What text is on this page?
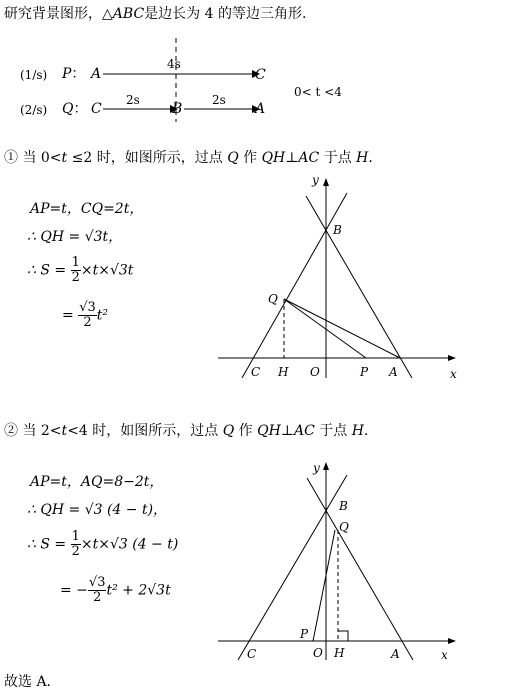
研究背景图形，△ABC是边长为 4 的等边三角形.
(1/s) P： A
4s
C
(2/s) Q： C
2s
B
2s
A
0< t <4
① 当 0<t ≤2 时，如图所示，过点 Q 作 QH⊥AC 于点 H.
AP=t，CQ=2t，
∴ QH = √3t，
∴ $S = \frac{1}{2} \times t\times√3t$
= $\frac{√3}{2} t^2$
y
B
Q
C H O	P A	x
② 当 2<t<4 时，如图所示，过点 Q 作 QH⊥AC 于点 H.
AP=t，AQ=8−2t，
∴ QH = √3 (4 − t)，
∴ $S = \frac{1}{2} \times t\times√3$ (4 − t)
= − $\frac{√3}{2} t^2 + 2√3t$
y
B
Q
P
C	O H	A	x
故选 A.
